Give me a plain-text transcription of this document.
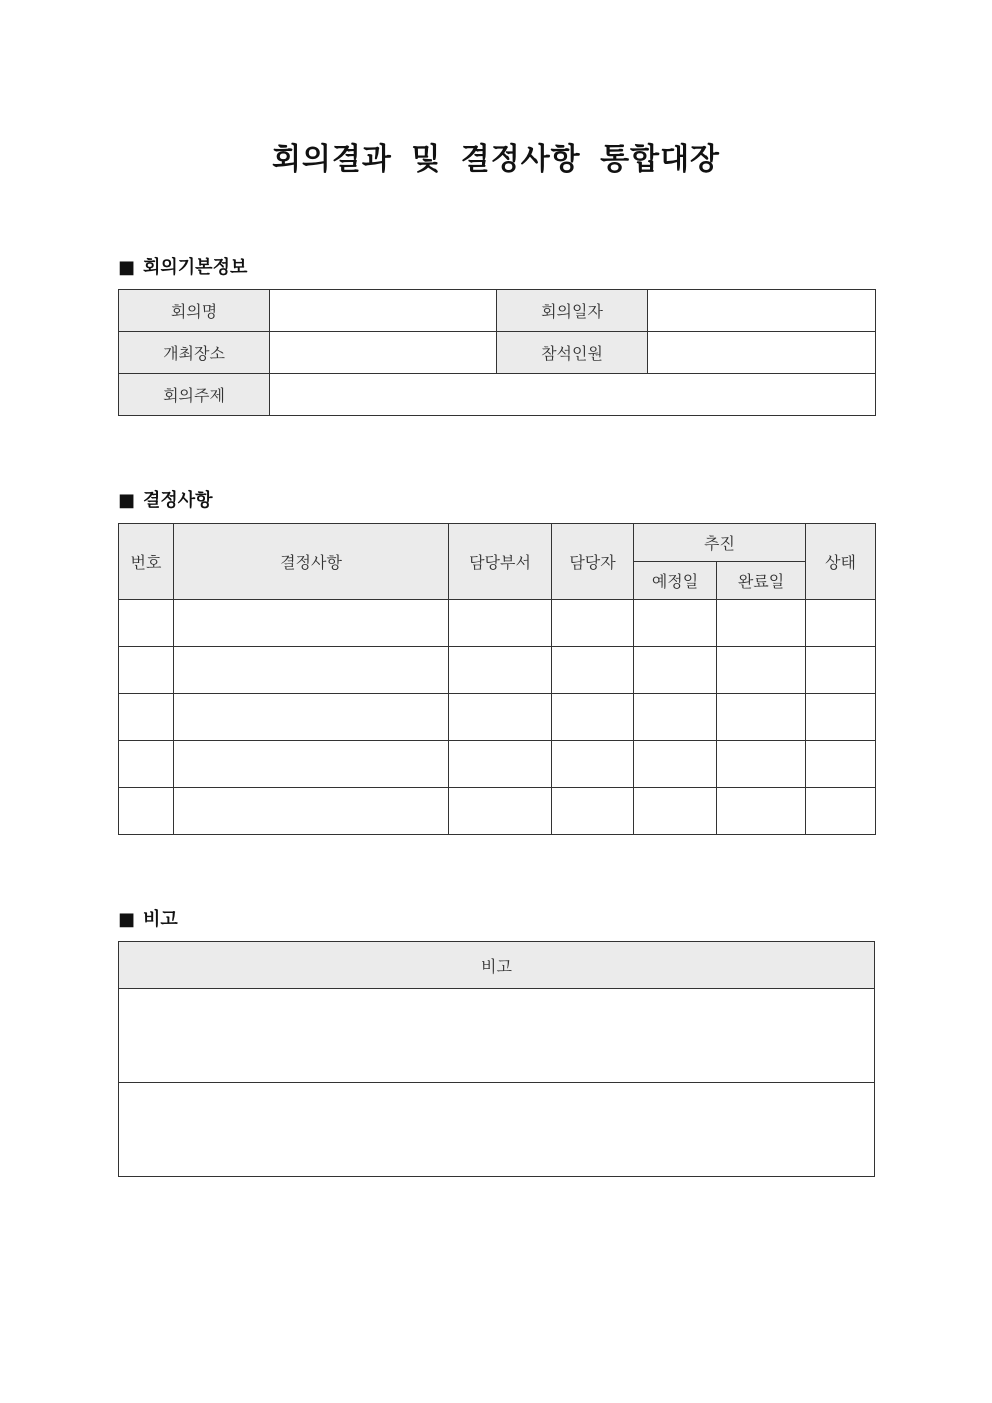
회의결과 및 결정사항 통합대장
■ 회의기본정보
회의명		회의일자	
개최장소		참석인원	
회의주제			
■ 결정사항
번호	결정사항	담당부서	담당자	추진		상태
				예정일	완료일	

■ 비고
비고
